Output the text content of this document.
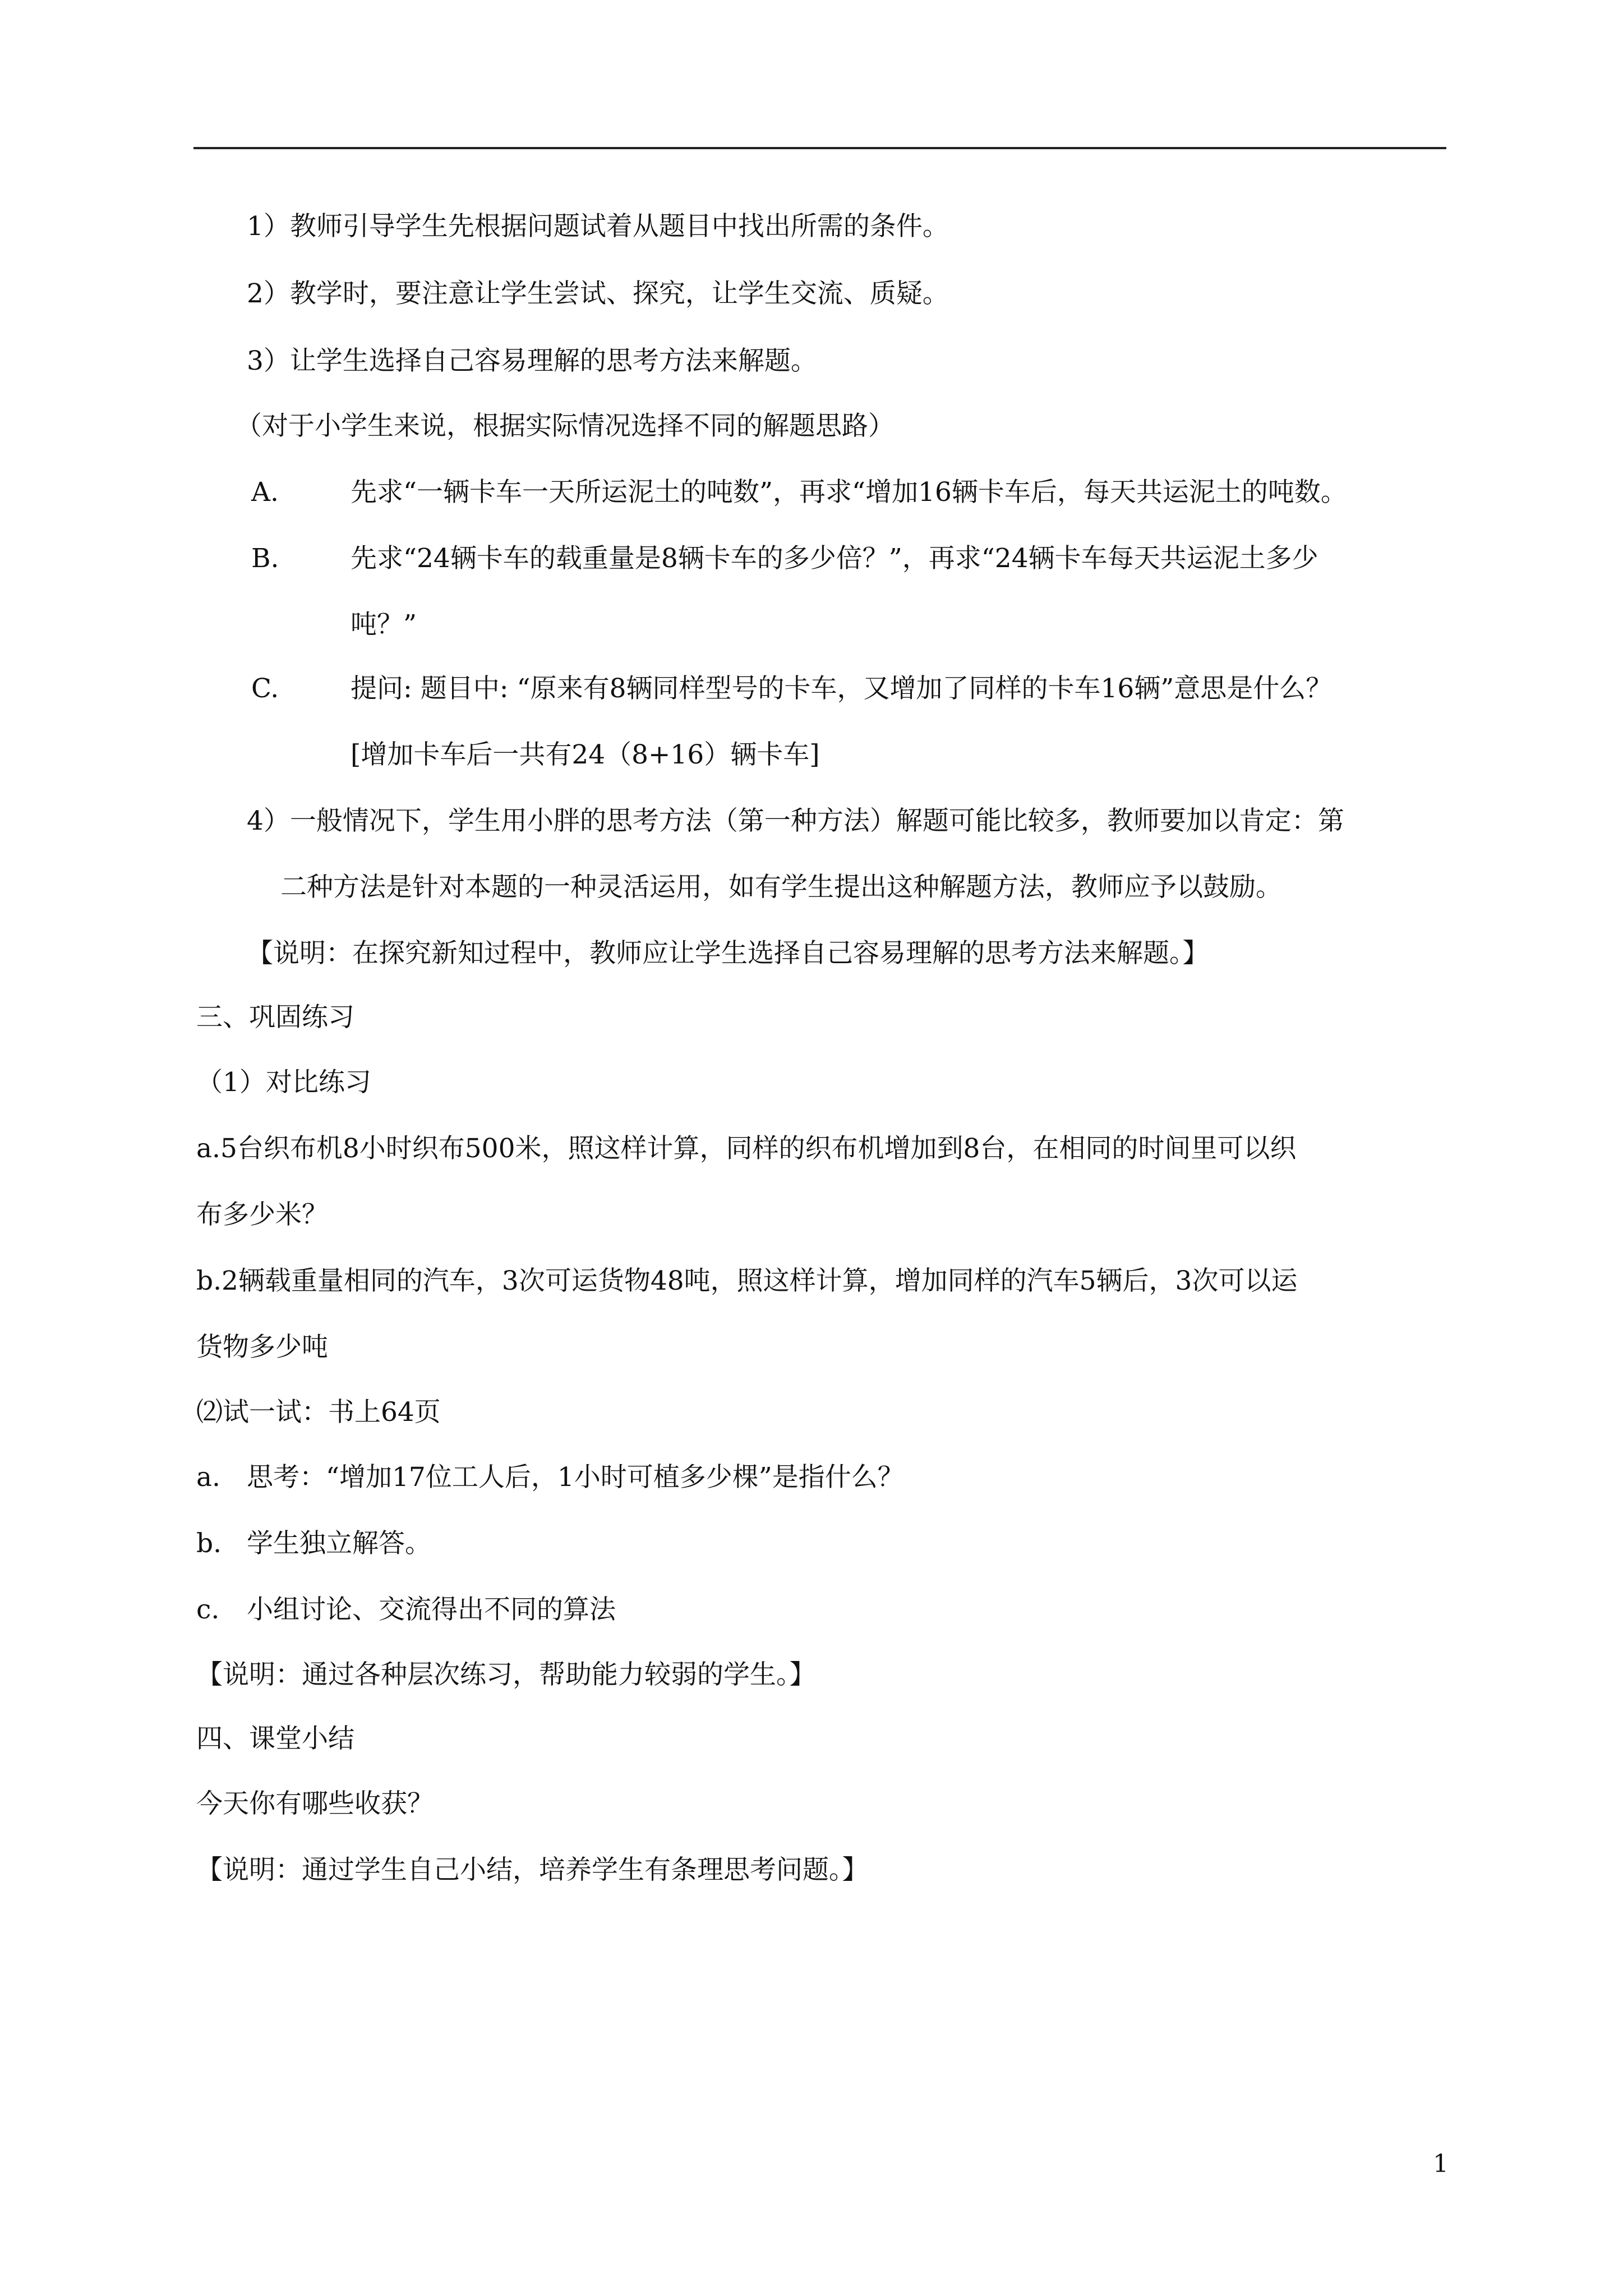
1）教师引导学生先根据问题试着从题目中找出所需的条件。
2）教学时，要注意让学生尝试、探究，让学生交流、质疑。
3）让学生选择自己容易理解的思考方法来解题。
（对于小学生来说，根据实际情况选择不同的解题思路）
A.	先求“一辆卡车一天所运泥土的吨数”，再求“增加16辆卡车后，每天共运泥土的吨数。
B.	先求“24辆卡车的载重量是8辆卡车的多少倍？”，再求“24辆卡车每天共运泥土多少
吨？”
C.	提问: 题目中: “原来有8辆同样型号的卡车，又增加了同样的卡车16辆”意思是什么？
[增加卡车后一共有24（8+16）辆卡车]
4）一般情况下，学生用小胖的思考方法（第一种方法）解题可能比较多，教师要加以肯定：第
二种方法是针对本题的一种灵活运用，如有学生提出这种解题方法，教师应予以鼓励。
【说明：在探究新知过程中，教师应让学生选择自己容易理解的思考方法来解题。】
三、巩固练习
（1）对比练习
a.5台织布机8小时织布500米，照这样计算，同样的织布机增加到8台，在相同的时间里可以织
布多少米？
b.2辆载重量相同的汽车，3次可运货物48吨，照这样计算，增加同样的汽车5辆后，3次可以运
货物多少吨
⑵试一试：书上64页
a. 思考：“增加17位工人后，1小时可植多少棵”是指什么？
b. 学生独立解答。
c. 小组讨论、交流得出不同的算法
【说明：通过各种层次练习，帮助能力较弱的学生。】
四、课堂小结
今天你有哪些收获？
【说明：通过学生自己小结，培养学生有条理思考问题。】
1
